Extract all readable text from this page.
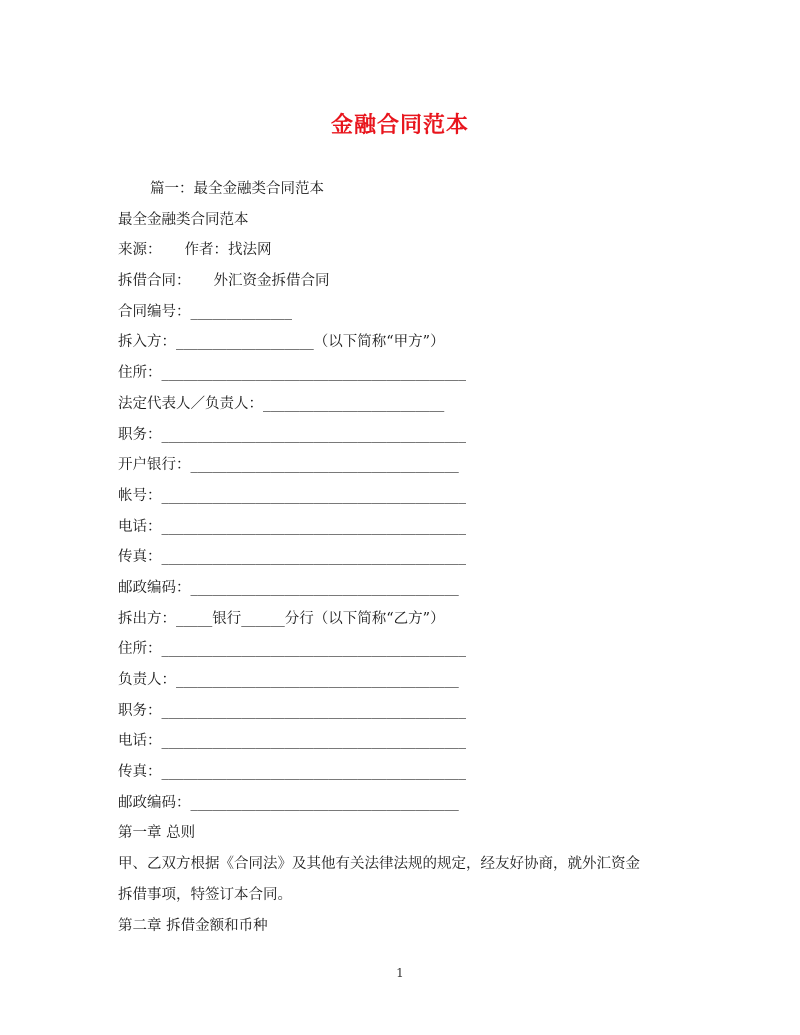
金融合同范本
篇一：最全金融类合同范本
最全金融类合同范本
来源：     作者：找法网
拆借合同：     外汇资金拆借合同
合同编号：______________
拆入方：___________________（以下简称“甲方”）
住所：__________________________________________
法定代表人／负责人：_________________________
职务：__________________________________________
开户银行：_____________________________________
帐号：__________________________________________
电话：__________________________________________
传真：__________________________________________
邮政编码：_____________________________________
拆出方：_____银行______分行（以下简称“乙方”）
住所：__________________________________________
负责人：_______________________________________
职务：__________________________________________
电话：__________________________________________
传真：__________________________________________
邮政编码：_____________________________________
第一章 总则
甲、乙双方根据《合同法》及其他有关法律法规的规定，经友好协商，就外汇资金
拆借事项，特签订本合同。
第二章 拆借金额和币种
1
